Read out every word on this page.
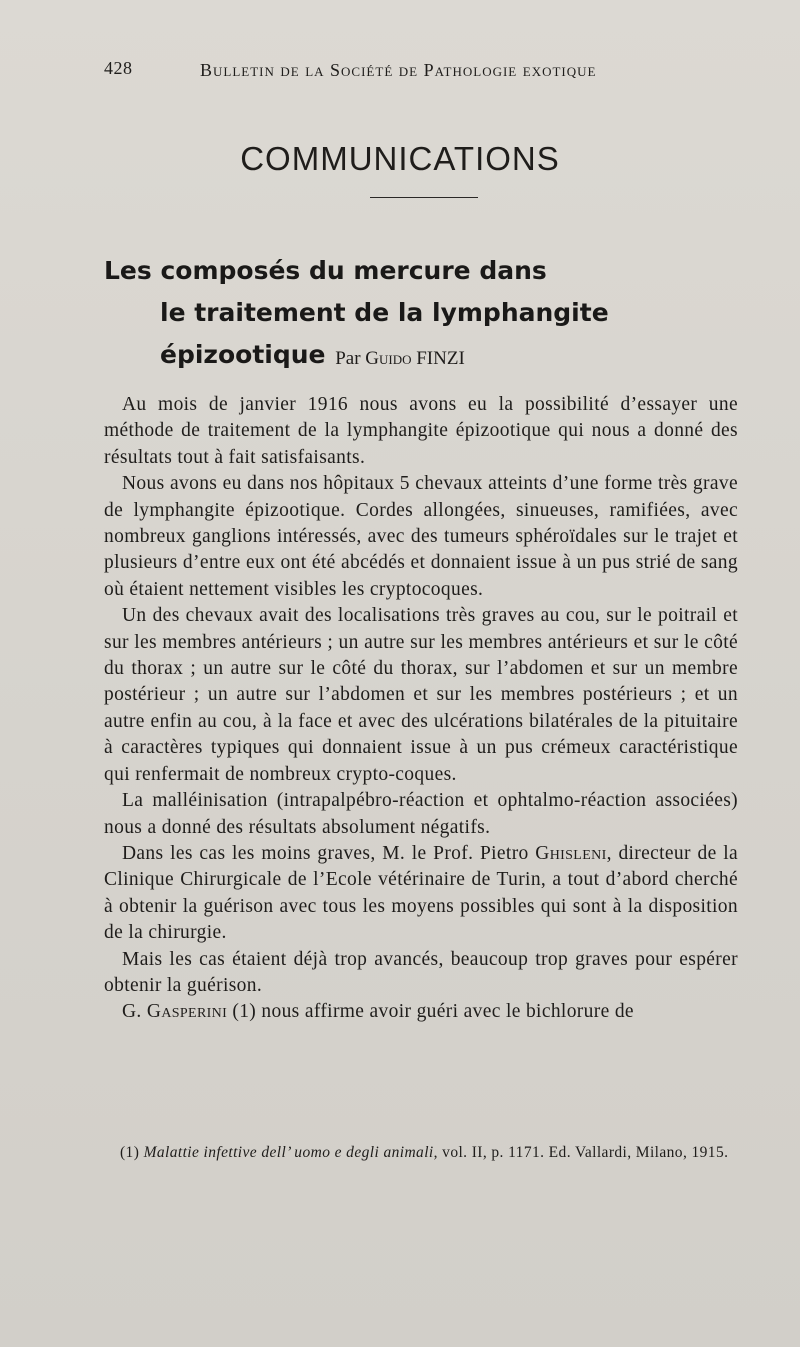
428	Bulletin de la Société de Pathologie exotique
COMMUNICATIONS
Les composés du mercure dans
le traitement de la lymphangite épizootique Par Guido FINZI

Au mois de janvier 1916 nous avons eu la possibilité d’essayer une méthode de traitement de la lymphangite épizootique qui nous a donné des résultats tout à fait satisfaisants.

Nous avons eu dans nos hôpitaux 5 chevaux atteints d’une forme très grave de lymphangite épizootique. Cordes allongées, sinueuses, ramifiées, avec nombreux ganglions intéressés, avec des tumeurs sphéroïdales sur le trajet et plusieurs d’entre eux ont été abcédés et donnaient issue à un pus strié de sang où étaient nettement visibles les cryptocoques.

Un des chevaux avait des localisations très graves au cou, sur le poitrail et sur les membres antérieurs ; un autre sur les membres antérieurs et sur le côté du thorax ; un autre sur le côté du thorax, sur l’abdomen et sur un membre postérieur ; un autre sur l’abdomen et sur les membres postérieurs ; et un autre enfin au cou, à la face et avec des ulcérations bilatérales de la pituitaire à caractères typiques qui donnaient issue à un pus crémeux caractéristique qui renfermait de nombreux crypto-coques.

La malléinisation (intrapalpébro-réaction et ophtalmo-réaction associées) nous a donné des résultats absolument négatifs.

Dans les cas les moins graves, M. le Prof. Pietro Ghisleni, directeur de la Clinique Chirurgicale de l’Ecole vétérinaire de Turin, a tout d’abord cherché à obtenir la guérison avec tous les moyens possibles qui sont à la disposition de la chirurgie.

Mais les cas étaient déjà trop avancés, beaucoup trop graves pour espérer obtenir la guérison.

G. Gasperini (1) nous affirme avoir guéri avec le bichlorure de

(1) Malattie infettive dell’ uomo e degli animali, vol. II, p. 1171. Ed. Vallardi, Milano, 1915.
